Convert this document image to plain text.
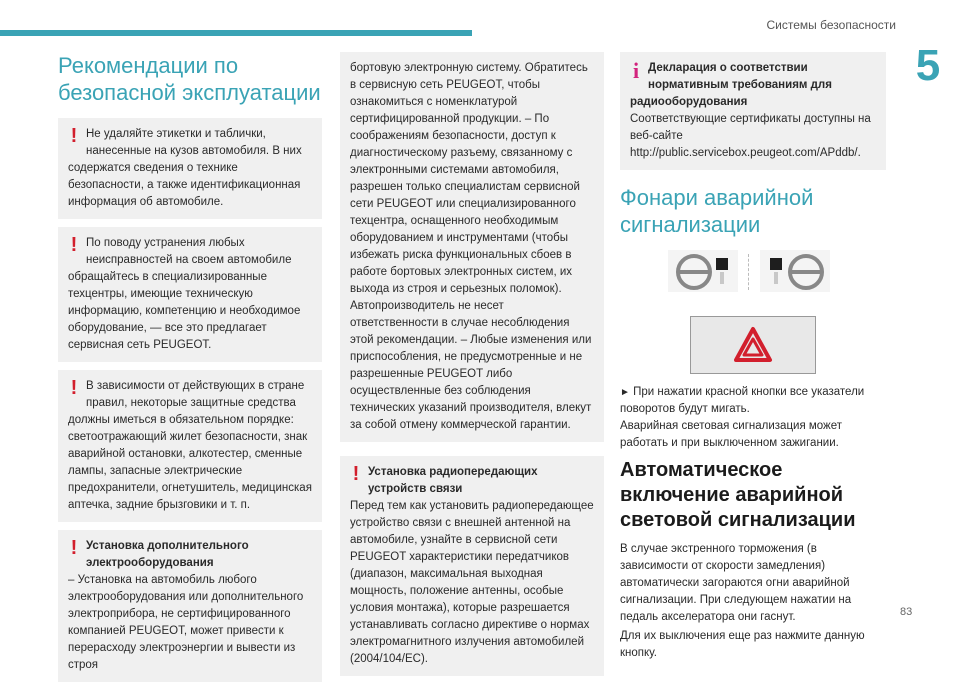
Системы безопасности
5
83
Рекомендации по безопасной эксплуатации
! Не удаляйте этикетки и таблички, нанесенные на кузов автомобиля. В них содержатся сведения о технике безопасности, а также идентификационная информация об автомобиле.

! По поводу устранения любых неисправностей на своем автомобиле обращайтесь в специализированные техцентры, имеющие техническую информацию, компетенцию и необходимое оборудование, — все это предлагает сервисная сеть PEUGEOT.

! В зависимости от действующих в стране правил, некоторые защитные средства должны иметься в обязательном порядке: светоотражающий жилет безопасности, знак аварийной остановки, алкотестер, сменные лампы, запасные электрические предохранители, огнетушитель, медицинская аптечка, задние брызговики и т. п.

! Установка дополнительного электрооборудования

– Установка на автомобиль любого электрооборудования или дополнительного электроприбора, не сертифицированного компанией PEUGEOT, может привести к перерасходу электроэнергии и вывести из строя

бортовую электронную систему. Обратитесь в сервисную сеть PEUGEOT, чтобы ознакомиться с номенклатурой сертифицированной продукции. – По соображениям безопасности, доступ к диагностическому разъему, связанному с электронными системами автомобиля, разрешен только специалистам сервисной сети PEUGEOT или специализированного техцентра, оснащенного необходимым оборудованием и инструментами (чтобы избежать риска функциональных сбоев в работе бортовых электронных систем, их выхода из строя и серьезных поломок). Автопроизводитель не несет ответственности в случае несоблюдения этой рекомендации. – Любые изменения или приспособления, не предусмотренные и не разрешенные PEUGEOT либо осуществленные без соблюдения технических указаний производителя, влекут за собой отмену коммерческой гарантии.

! Установка радиопередающих устройств связи

Перед тем как установить радиопередающее устройство связи с внешней антенной на автомобиле, узнайте в сервисной сети PEUGEOT характеристики передатчиков (диапазон, максимальная выходная мощность, положение антенны, особые условия монтажа), которые разрешается устанавливать согласно директиве о нормах электромагнитного излучения автомобилей (2004/104/EC).

i Декларация о соответствии нормативным требованиям для радиооборудования

Соответствующие сертификаты доступны на веб-сайте http://public.servicebox.peugeot.com/APddb/.

Фонари аварийной сигнализации
► При нажатии красной кнопки все указатели поворотов будут мигать.

Аварийная световая сигнализация может работать и при выключенном зажигании.

Автоматическое включение аварийной световой сигнализации

В случае экстренного торможения (в зависимости от скорости замедления) автоматически загораются огни аварийной сигнализации. При следующем нажатии на педаль акселератора они гаснут.

Для их выключения еще раз нажмите данную кнопку.
